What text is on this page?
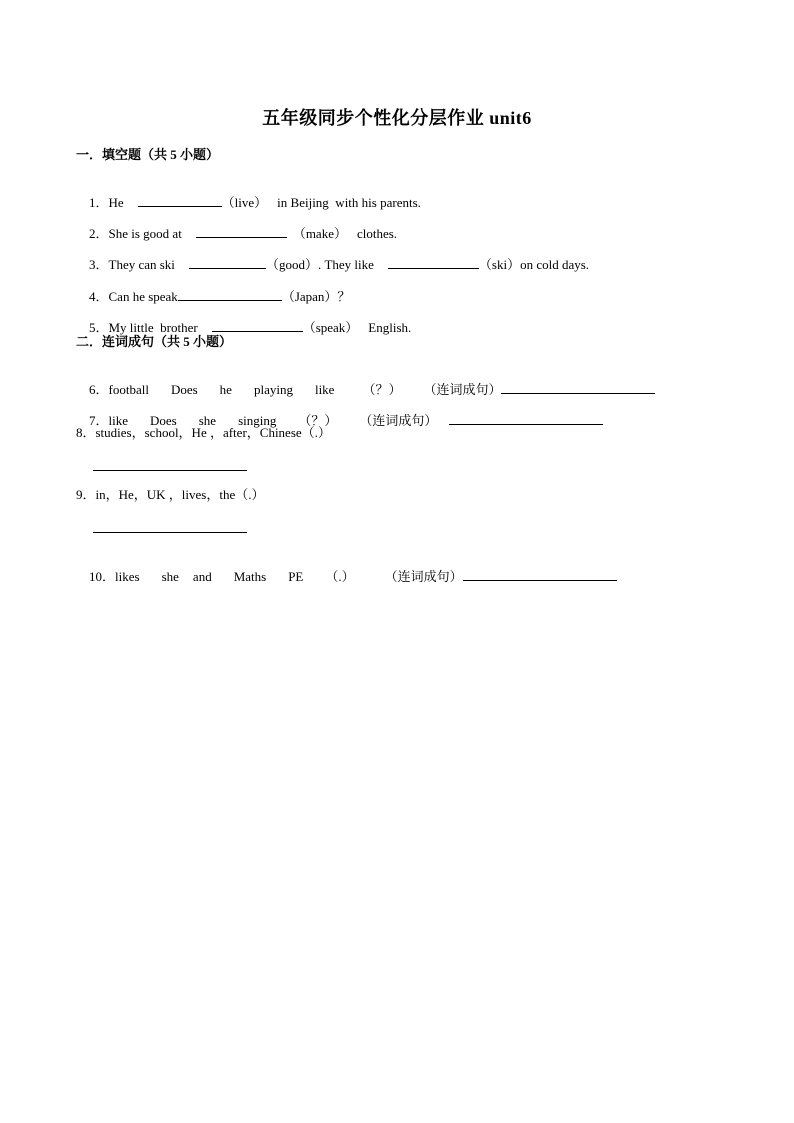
五年级同步个性化分层作业 unit6
一．填空题（共 5 小题）

1．He	（live） in Beijing  with his parents.

2．She is good at	（make） clothes.

3．They can ski	（good）. They like	（ski）on cold days.

4．Can he speak	（Japan）？

5．My little  brother	（speak） English.

二．连词成句（共 5 小题）

6．football Does he playing like （？） （连词成句）

7．like Does she singing （？） （连词成句）

8．studies，school，He ，after，Chinese（.）
9．in，He，UK ，lives，the（.）

10．likes she and Maths PE （.） （连词成句）
